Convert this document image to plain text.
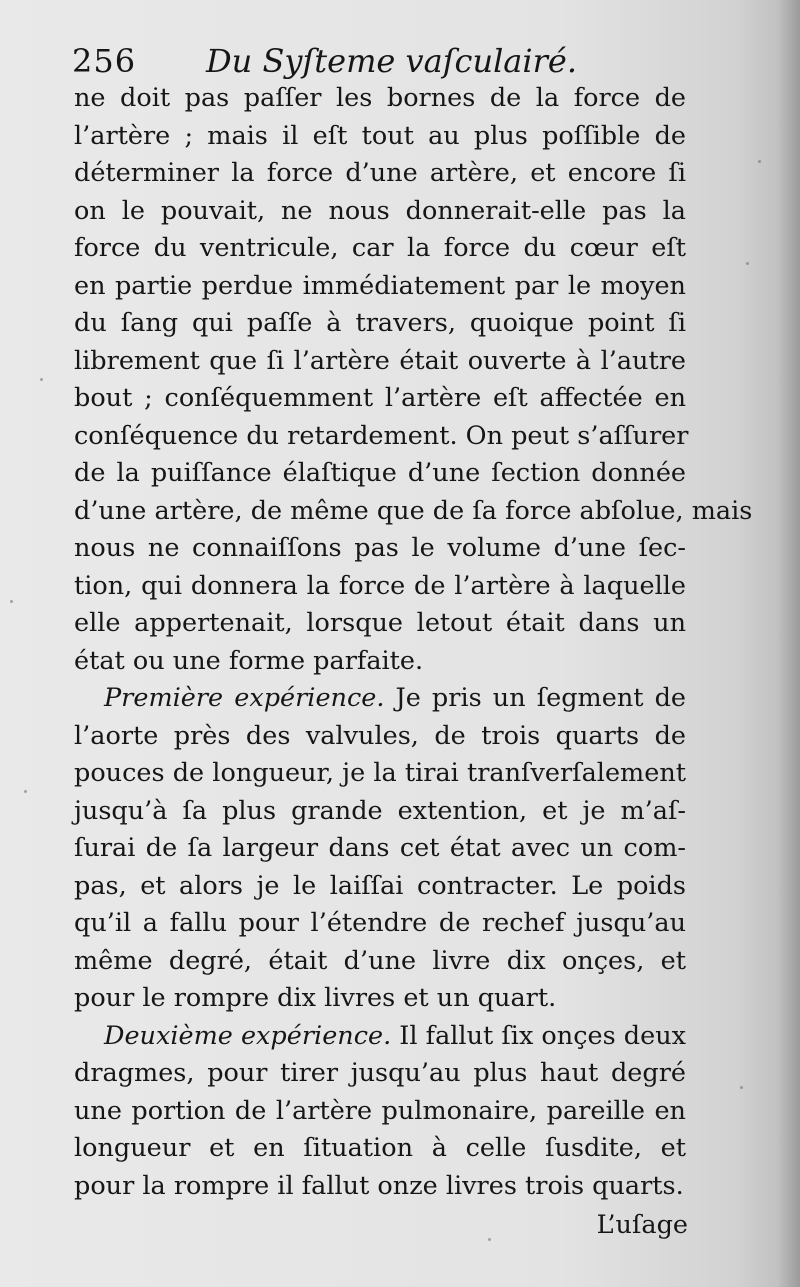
256 Du Syſteme vaſculairé.
ne doit pas paſſer les bornes de la force de
l’artère ; mais il eſt tout au plus poſſible de
déterminer la force d’une artère, et encore ſi
on le pouvait, ne nous donnerait-elle pas la
force du ventricule, car la force du cœur eſt
en partie perdue immédiatement par le moyen
du ſang qui paſſe à travers, quoique point ſi
librement que ſi l’artère était ouverte à l’autre
bout ; conſéquemment l’artère eſt affectée en
conſéquence du retardement. On peut s’aſſurer
de la puiſſance élaſtique d’une ſection donnée
d’une artère, de même que de ſa force abſolue, mais
nous ne connaiſſons pas le volume d’une ſec-
tion, qui donnera la force de l’artère à laquelle
elle appertenait, lorsque letout était dans un
état ou une forme parfaite.
Première expérience. Je pris un ſegment de
l’aorte près des valvules, de trois quarts de
pouces de longueur, je la tirai tranſverſalement
jusqu’à ſa plus grande extention, et je m’aſ-
ſurai de ſa largeur dans cet état avec un com-
pas, et alors je le laiſſai contracter. Le poids
qu’il a fallu pour l’étendre de rechef jusqu’au
même degré, était d’une livre dix onçes, et
pour le rompre dix livres et un quart.
Deuxième expérience. Il fallut ſix onçes deux
dragmes, pour tirer jusqu’au plus haut degré
une portion de l’artère pulmonaire, pareille en
longueur et en ſituation à celle ſusdite, et
pour la rompre il fallut onze livres trois quarts.
L’uſage
